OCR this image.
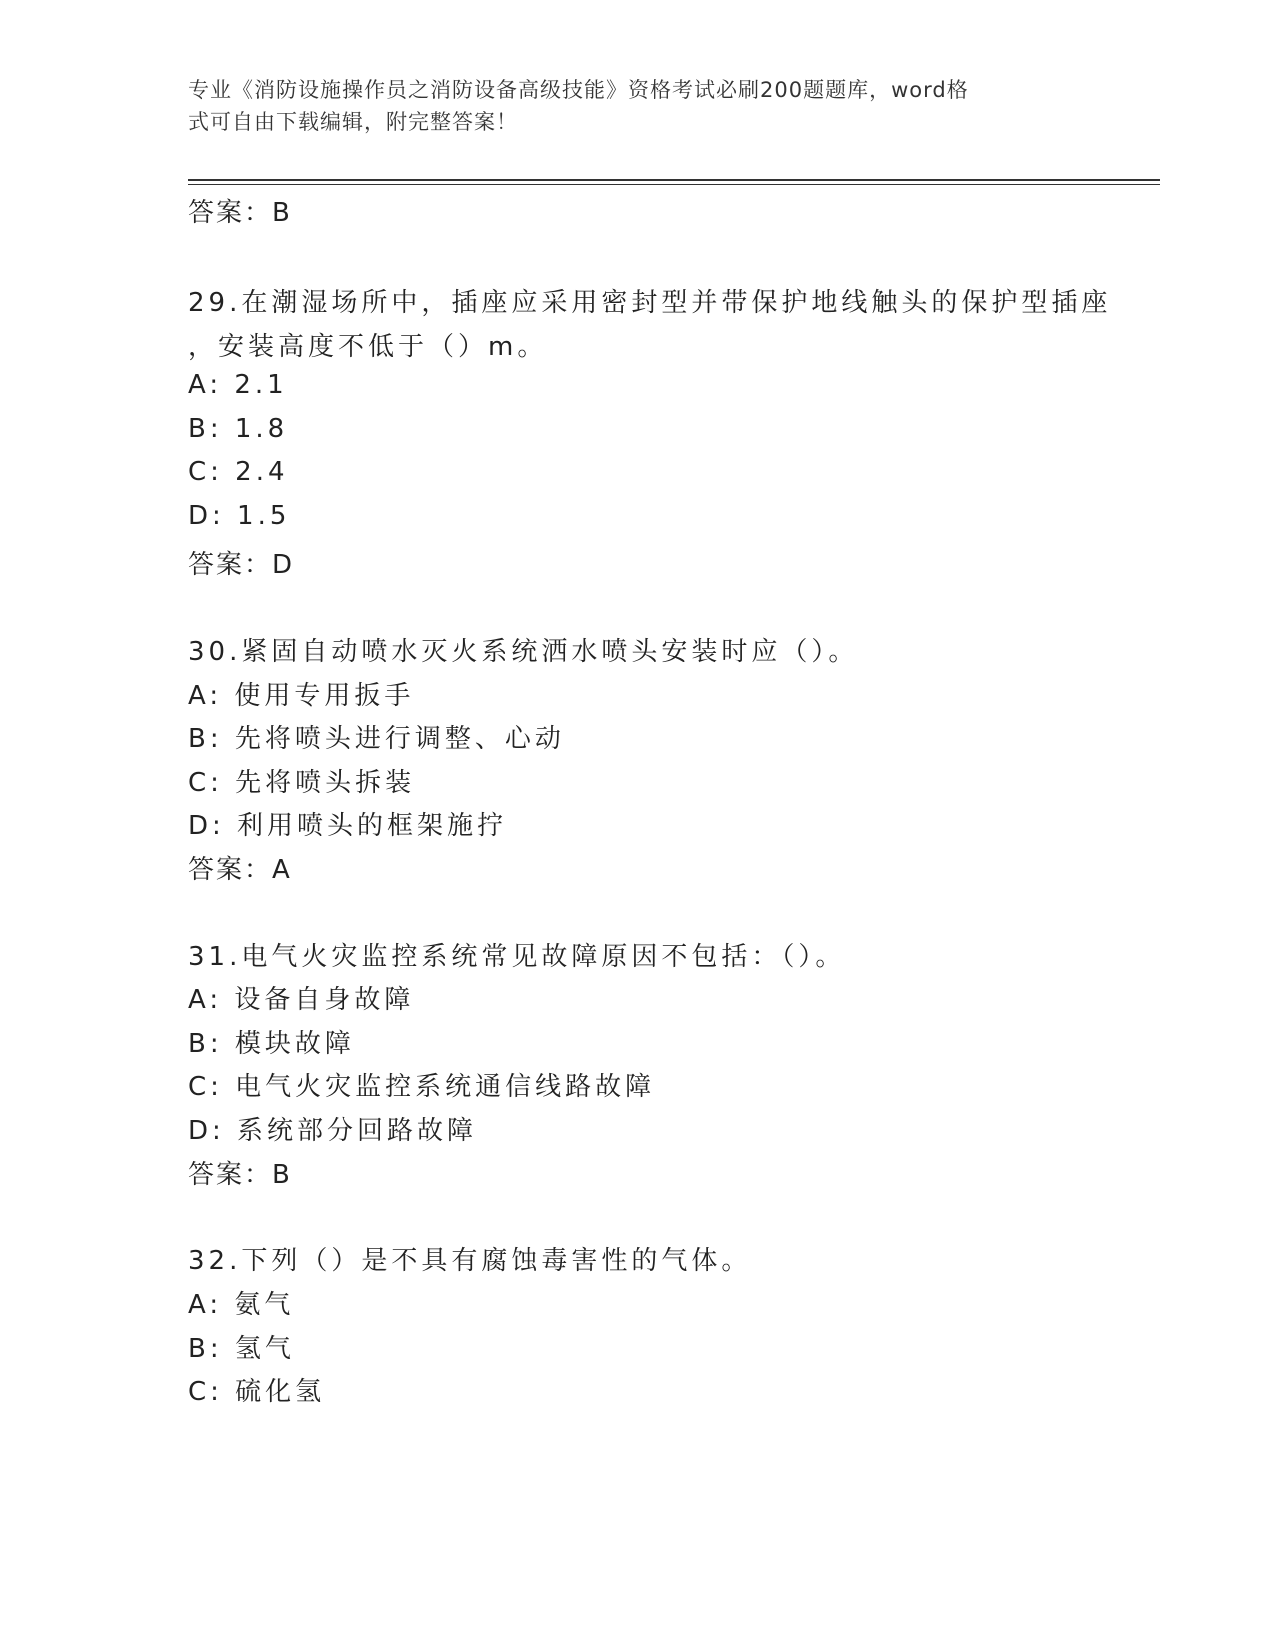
专业《消防设施操作员之消防设备高级技能》资格考试必刷200题题库，word格
式可自由下载编辑，附完整答案！
答案：B
29.在潮湿场所中，插座应采用密封型并带保护地线触头的保护型插座
，安装高度不低于（）m。
A: 2.1
B: 1.8
C: 2.4
D: 1.5
答案：D
30.紧固自动喷水灭火系统洒水喷头安装时应（）。
A: 使用专用扳手
B: 先将喷头进行调整、心动
C: 先将喷头拆装
D: 利用喷头的框架施拧
答案：A
31.电气火灾监控系统常见故障原因不包括：（）。
A: 设备自身故障
B: 模块故障
C: 电气火灾监控系统通信线路故障
D: 系统部分回路故障
答案：B
32.下列（）是不具有腐蚀毒害性的气体。
A: 氨气
B: 氢气
C: 硫化氢
